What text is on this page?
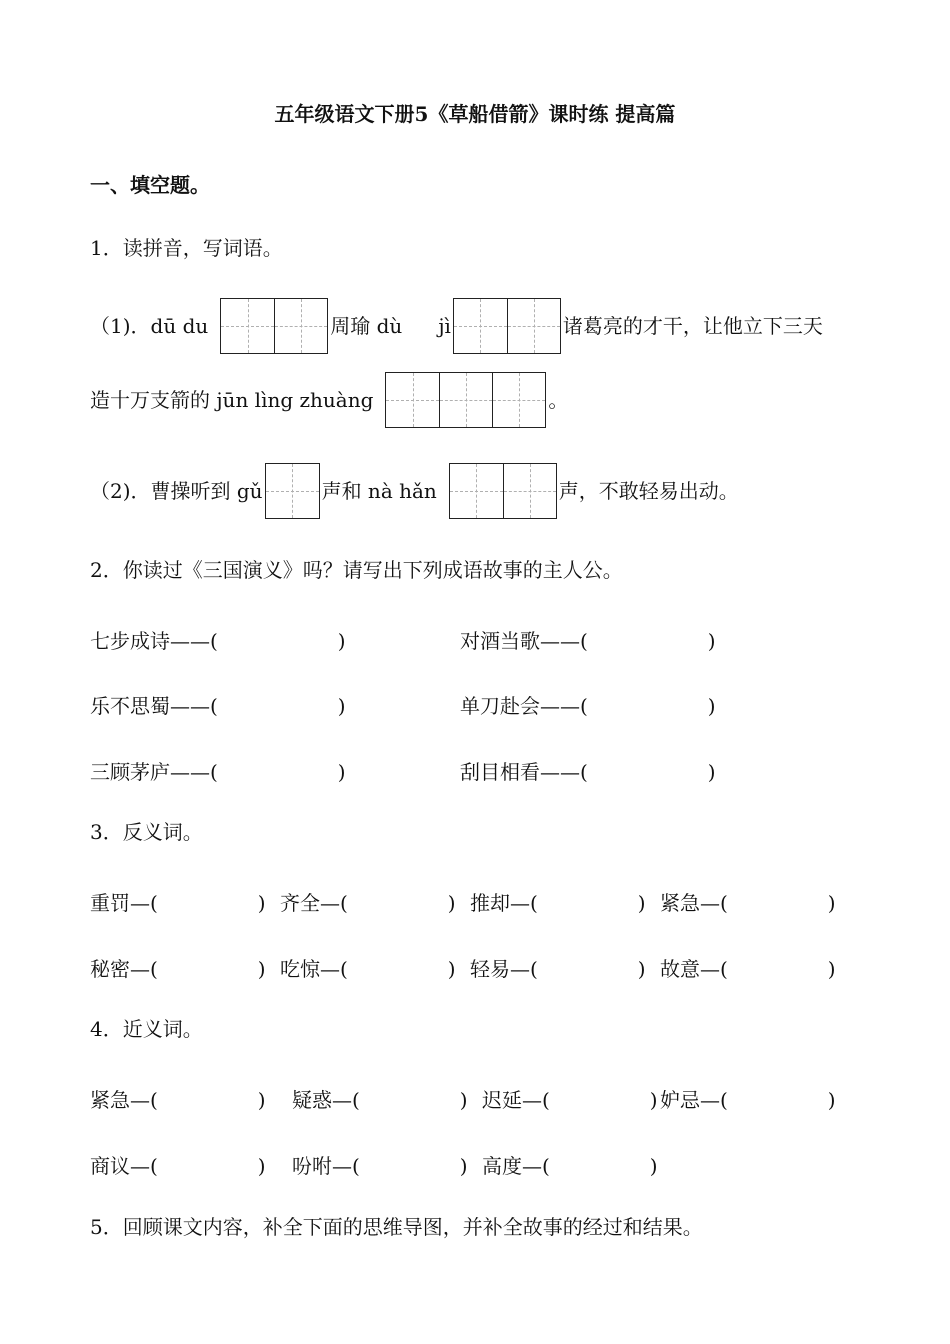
五年级语文下册5《草船借箭》课时练 提高篇
一、填空题。
1．读拼音，写词语。
（1)．dū du	周瑜 dù jì	诸葛亮的才干，让他立下三天
造十万支箭的 jūn lìng zhuàng	。
（2)．曹操听到 gǔ	声和 nà hǎn	声，不敢轻易出动。
2．你读过《三国演义》吗？请写出下列成语故事的主人公。
七步成诗——(　　　　　　)	对酒当歌——(　　　　　　)
乐不思蜀——(　　　　　　)	单刀赴会——(　　　　　　)
三顾茅庐——(　　　　　　)	刮目相看——(　　　　　　)
3．反义词。
重罚—(　　　　　) 齐全—(　　　　　) 推却—(　　　　　) 紧急—(　　　　　)
秘密—(　　　　　) 吃惊—(　　　　　) 轻易—(　　　　　) 故意—(　　　　　)
4．近义词。
紧急—(　　　　　) 疑惑—(　　　　　) 迟延—(　　　　　) 妒忌—(　　　　　)
商议—(　　　　　) 吩咐—(　　　　　) 高度—(　　　　　)
5．回顾课文内容，补全下面的思维导图，并补全故事的经过和结果。
